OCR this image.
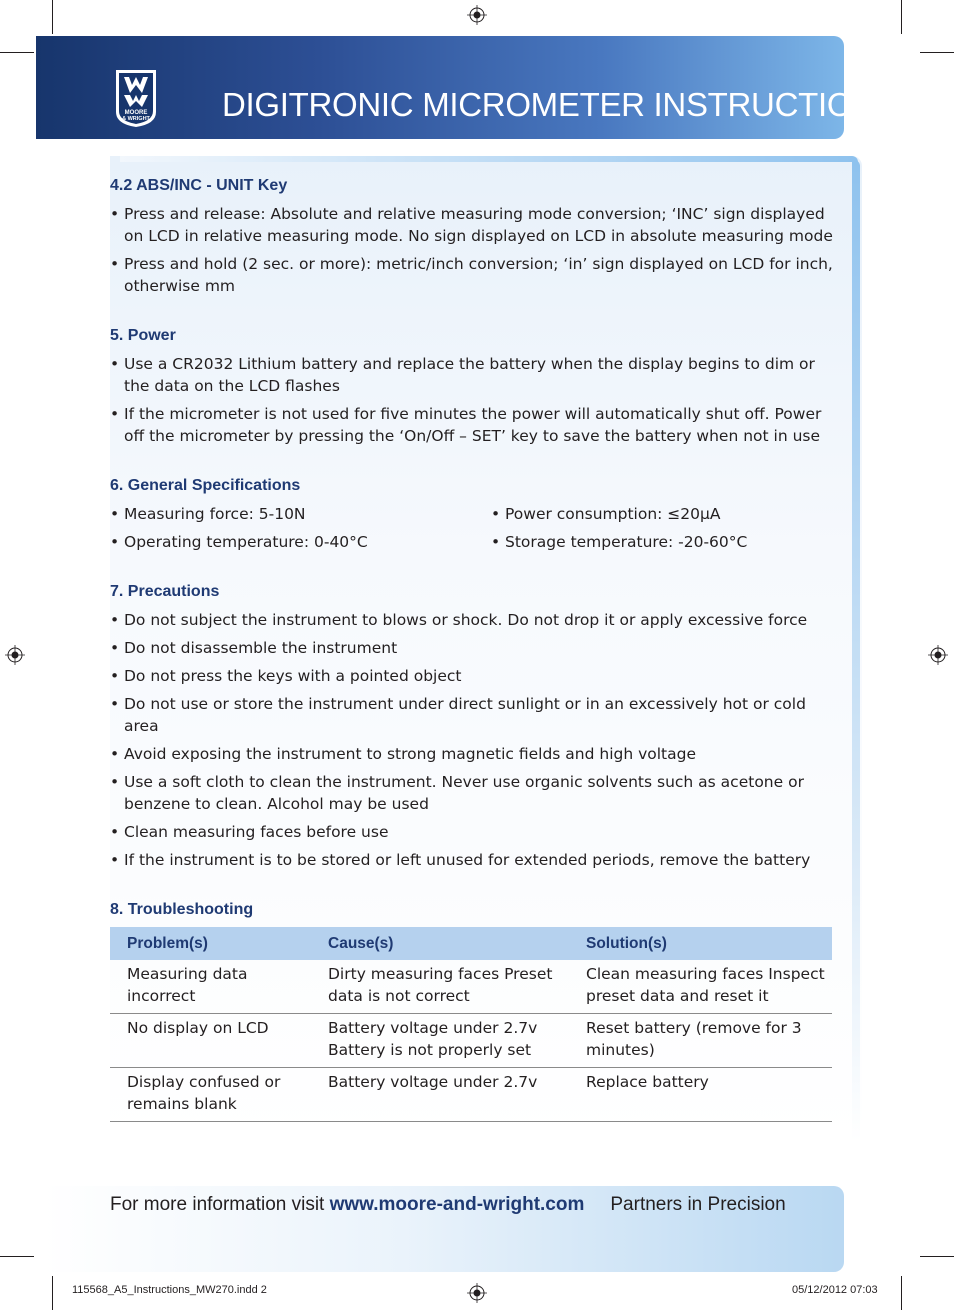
MOORE
& WRIGHT DIGITRONIC MICROMETER INSTRUCTIONS
4.2 ABS/INC - UNIT Key
• Press and release: Absolute and relative measuring mode conversion; ‘INC’ sign displayed on LCD in relative measuring mode. No sign displayed on LCD in absolute measuring mode
• Press and hold (2 sec. or more): metric/inch conversion; ‘in’ sign displayed on LCD for inch, otherwise mm
5. Power
• Use a CR2032 Lithium battery and replace the battery when the display begins to dim or the data on the LCD flashes
• If the micrometer is not used for five minutes the power will automatically shut off. Power off the micrometer by pressing the ‘On/Off – SET’ key to save the battery when not in use
6. General Specifications
• Measuring force: 5-10N	• Power consumption: ≤20µA
• Operating temperature: 0-40°C	• Storage temperature: -20-60°C
7. Precautions
• Do not subject the instrument to blows or shock. Do not drop it or apply excessive force
• Do not disassemble the instrument
• Do not press the keys with a pointed object
• Do not use or store the instrument under direct sunlight or in an excessively hot or cold area
• Avoid exposing the instrument to strong magnetic fields and high voltage
• Use a soft cloth to clean the instrument. Never use organic solvents such as acetone or benzene to clean. Alcohol may be used
• Clean measuring faces before use
• If the instrument is to be stored or left unused for extended periods, remove the battery
8. Troubleshooting
Problem(s)	Cause(s)	Solution(s)
Measuring data incorrect	Dirty measuring faces Preset data is not correct	Clean measuring faces Inspect preset data and reset it
No display on LCD	Battery voltage under 2.7v Battery is not properly set	Reset battery (remove for 3 minutes)
Display confused or remains blank	Battery voltage under 2.7v	Replace battery
For more information visit www.moore-and-wright.com Partners in Precision
115568_A5_Instructions_MW270.indd 2	05/12/2012 07:03
